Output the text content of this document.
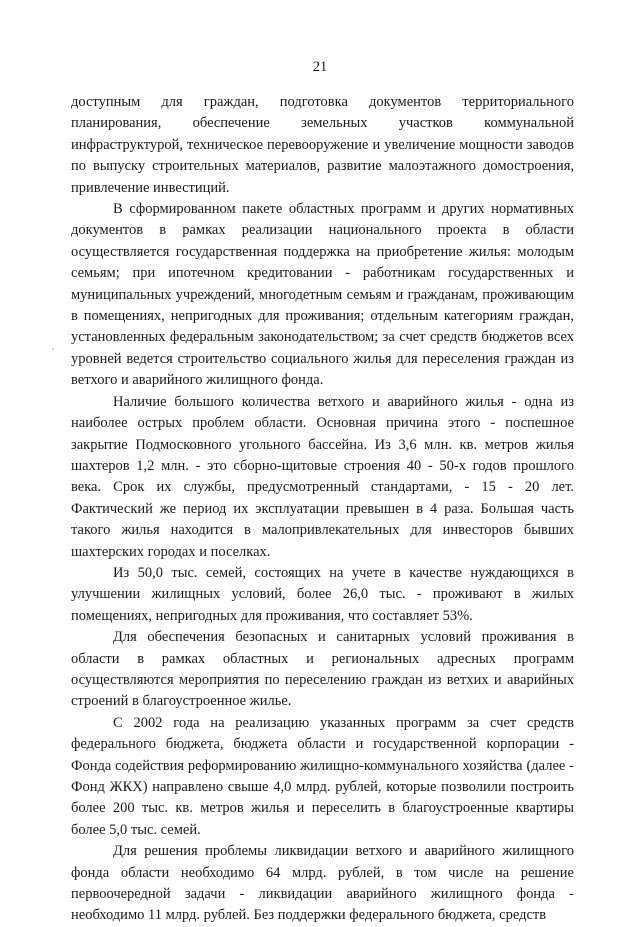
21

доступным для граждан, подготовка документов территориального планирования, обеспечение земельных участков коммунальной инфраструктурой, техническое перевооружение и увеличение мощности заводов по выпуску строительных материалов, развитие малоэтажного домостроения, привлечение инвестиций.

В сформированном пакете областных программ и других нормативных документов в рамках реализации национального проекта в области осуществляется государственная поддержка на приобретение жилья: молодым семьям; при ипотечном кредитовании - работникам государственных и муниципальных учреждений, многодетным семьям и гражданам, проживающим в помещениях, непригодных для проживания; отдельным категориям граждан, установленных федеральным законодательством; за счет средств бюджетов всех уровней ведется строительство социального жилья для переселения граждан из ветхого и аварийного жилищного фонда.

Наличие большого количества ветхого и аварийного жилья - одна из наиболее острых проблем области. Основная причина этого - поспешное закрытие Подмосковного угольного бассейна. Из 3,6 млн. кв. метров жилья шахтеров 1,2 млн. - это сборно-щитовые строения 40 - 50-х годов прошлого века. Срок их службы, предусмотренный стандартами, - 15 - 20 лет. Фактический же период их эксплуатации превышен в 4 раза. Большая часть такого жилья находится в малопривлекательных для инвесторов бывших шахтерских городах и поселках.

Из 50,0 тыс. семей, состоящих на учете в качестве нуждающихся в улучшении жилищных условий, более 26,0 тыс. - проживают в жилых помещениях, непригодных для проживания, что составляет 53%.

Для обеспечения безопасных и санитарных условий проживания в области в рамках областных и региональных адресных программ осуществляются мероприятия по переселению граждан из ветхих и аварийных строений в благоустроенное жилье.

С 2002 года на реализацию указанных программ за счет средств федерального бюджета, бюджета области и государственной корпорации - Фонда содействия реформированию жилищно-коммунального хозяйства (далее - Фонд ЖКХ) направлено свыше 4,0 млрд. рублей, которые позволили построить более 200 тыс. кв. метров жилья и переселить в благоустроенные квартиры более 5,0 тыс. семей.

Для решения проблемы ликвидации ветхого и аварийного жилищного фонда области необходимо 64 млрд. рублей, в том числе на решение первоочередной задачи - ликвидации аварийного жилищного фонда - необходимо 11 млрд. рублей. Без поддержки федерального бюджета, средств
